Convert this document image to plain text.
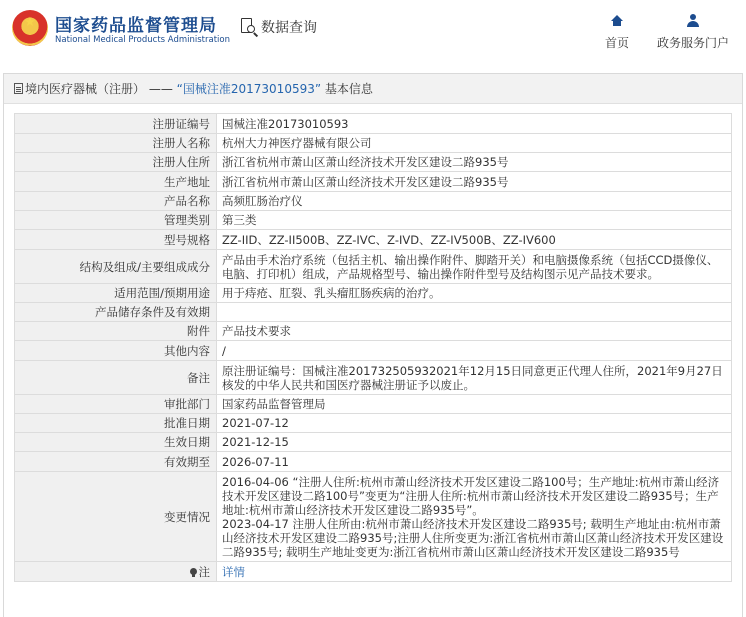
★	国家药品监督管理局
National Medical Products Administration
数据查询
首页 政务服务门户
境内医疗器械（注册） —— “国械注准20173010593” 基本信息
注册证编号	国械注准20173010593
注册人名称	杭州大力神医疗器械有限公司
注册人住所	浙江省杭州市萧山区萧山经济技术开发区建设二路935号
生产地址	浙江省杭州市萧山区萧山经济技术开发区建设二路935号
产品名称	高频肛肠治疗仪
管理类别	第三类
型号规格	ZZ-IID、ZZ-II500B、ZZ-IVC、Z-IVD、ZZ-IV500B、ZZ-IV600
结构及组成/主要组成成分	产品由手术治疗系统（包括主机、输出操作附件、脚踏开关）和电脑摄像系统（包括CCD摄像仪、电脑、打印机）组成，产品规格型号、输出操作附件型号及结构图示见产品技术要求。
适用范围/预期用途	用于痔疮、肛裂、乳头瘤肛肠疾病的治疗。
产品储存条件及有效期	
附件	产品技术要求
其他内容	/
备注	原注册证编号：国械注准201732505932021年12月15日同意更正代理人住所，2021年9月27日核发的中华人民共和国医疗器械注册证予以废止。
审批部门	国家药品监督管理局
批准日期	2021-07-12
生效日期	2021-12-15
有效期至	2026-07-11
变更情况	2016-04-06 “注册人住所:杭州市萧山经济技术开发区建设二路100号；生产地址:杭州市萧山经济技术开发区建设二路100号”变更为“注册人住所:杭州市萧山经济技术开发区建设二路935号；生产地址:杭州市萧山经济技术开发区建设二路935号”。
2023-04-17 注册人住所由:杭州市萧山经济技术开发区建设二路935号; 载明生产地址由:杭州市萧山经济技术开发区建设二路935号;注册人住所变更为:浙江省杭州市萧山区萧山经济技术开发区建设二路935号; 载明生产地址变更为:浙江省杭州市萧山区萧山经济技术开发区建设二路935号

注	详情
